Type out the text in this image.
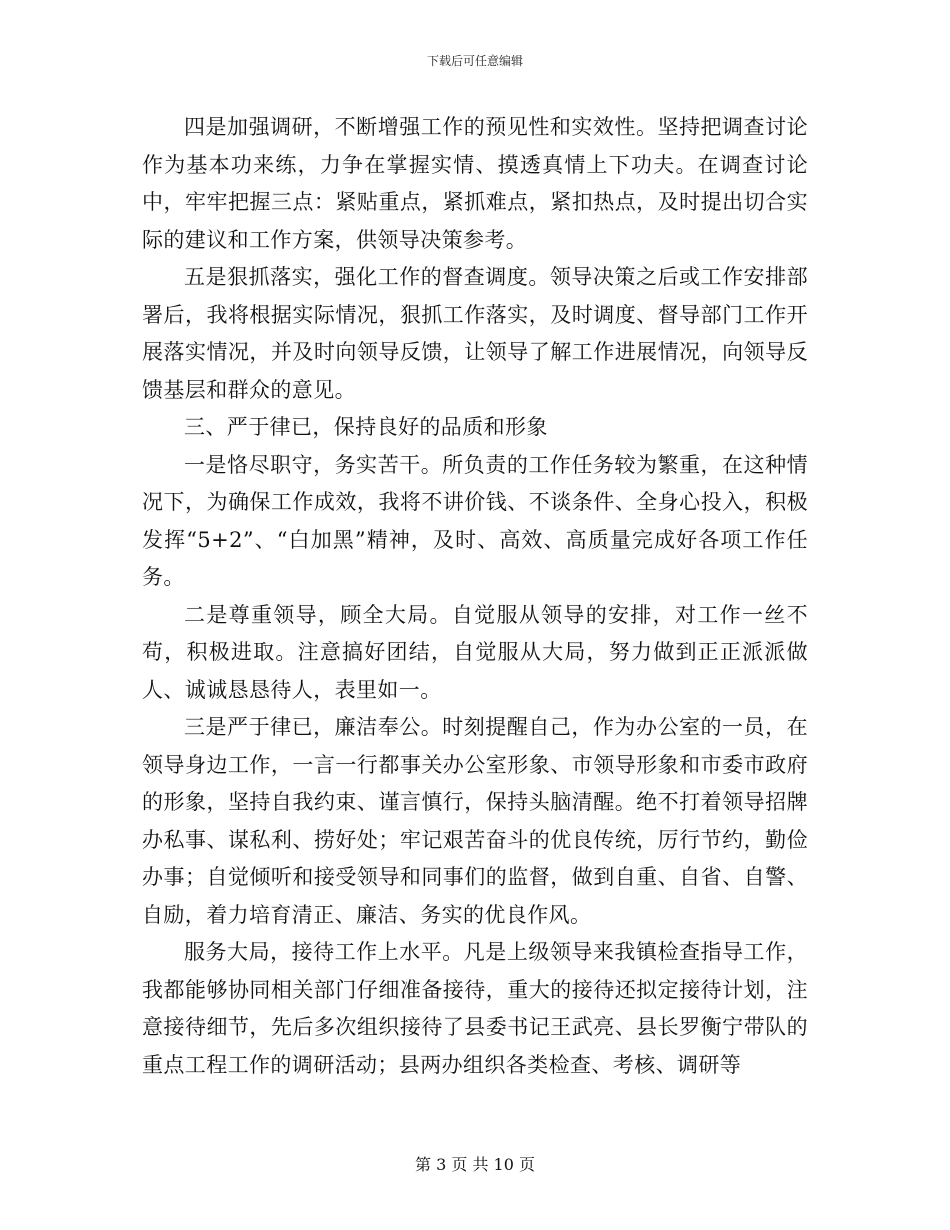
下载后可任意编辑

四是加强调研，不断增强工作的预见性和实效性。坚持把调查讨论作为基本功来练，力争在掌握实情、摸透真情上下功夫。在调查讨论中，牢牢把握三点：紧贴重点，紧抓难点，紧扣热点，及时提出切合实际的建议和工作方案，供领导决策参考。

五是狠抓落实，强化工作的督查调度。领导决策之后或工作安排部署后，我将根据实际情况，狠抓工作落实，及时调度、督导部门工作开展落实情况，并及时向领导反馈，让领导了解工作进展情况，向领导反馈基层和群众的意见。

三、严于律已，保持良好的品质和形象

一是恪尽职守，务实苦干。所负责的工作任务较为繁重，在这种情况下，为确保工作成效，我将不讲价钱、不谈条件、全身心投入，积极发挥“5+2”、“白加黑”精神，及时、高效、高质量完成好各项工作任务。

二是尊重领导，顾全大局。自觉服从领导的安排，对工作一丝不苟，积极进取。注意搞好团结，自觉服从大局，努力做到正正派派做人、诚诚恳恳待人，表里如一。

三是严于律已，廉洁奉公。时刻提醒自己，作为办公室的一员，在领导身边工作，一言一行都事关办公室形象、市领导形象和市委市政府的形象，坚持自我约束、谨言慎行，保持头脑清醒。绝不打着领导招牌办私事、谋私利、捞好处；牢记艰苦奋斗的优良传统，厉行节约，勤俭办事；自觉倾听和接受领导和同事们的监督，做到自重、自省、自警、自励，着力培育清正、廉洁、务实的优良作风。

服务大局，接待工作上水平。凡是上级领导来我镇检查指导工作，我都能够协同相关部门仔细准备接待，重大的接待还拟定接待计划，注意接待细节，先后多次组织接待了县委书记王武亮、县长罗衡宁带队的重点工程工作的调研活动；县两办组织各类检查、考核、调研等

第 3 页 共 10 页
